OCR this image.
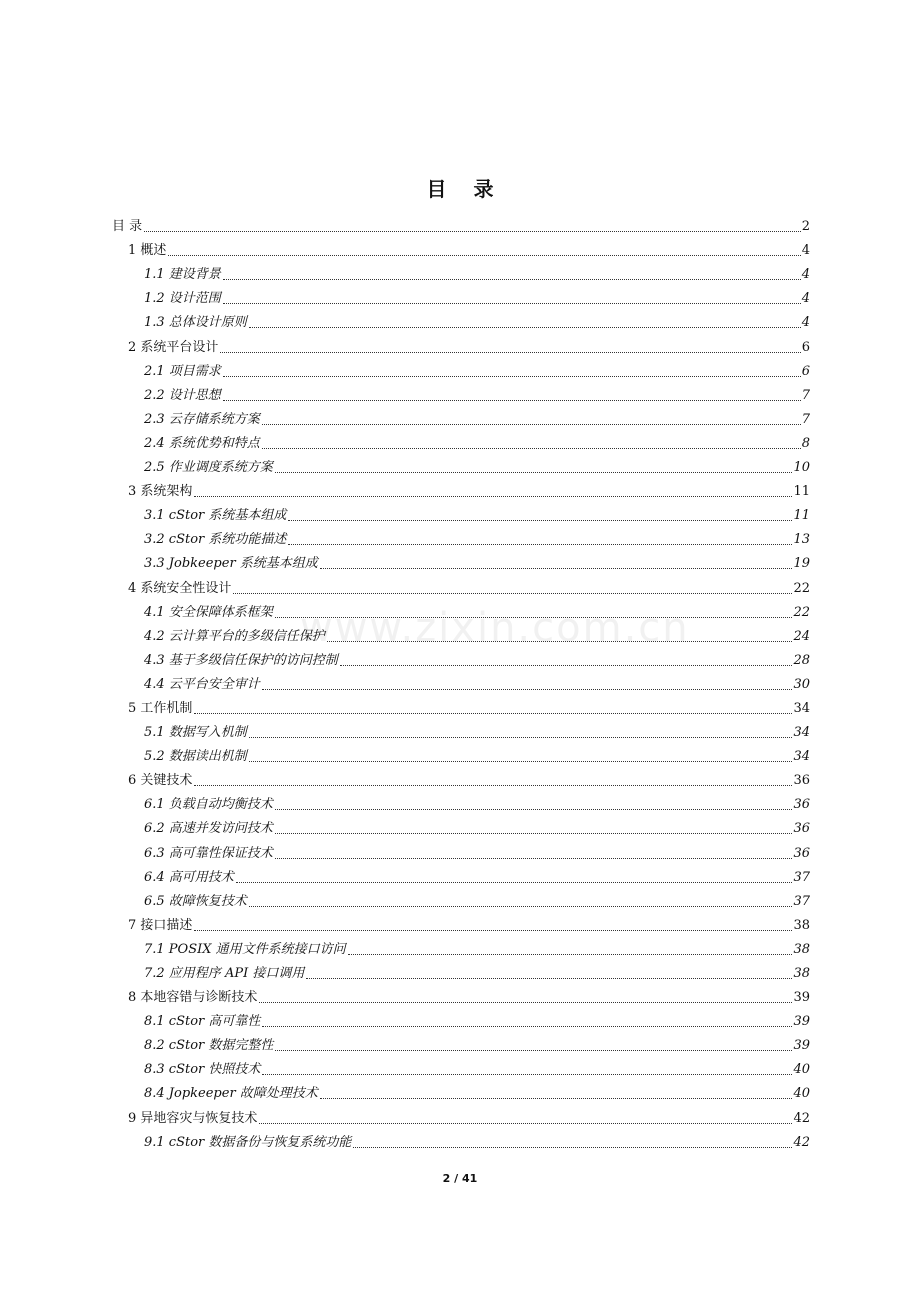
目 录
www.zixin.com.cn
目 录	2
1 概述	4
1.1 建设背景	4
1.2 设计范围	4
1.3 总体设计原则	4
2 系统平台设计	6
2.1 项目需求	6
2.2 设计思想	7
2.3 云存储系统方案	7
2.4 系统优势和特点	8
2.5 作业调度系统方案	10
3 系统架构	11
3.1 cStor 系统基本组成	11
3.2 cStor 系统功能描述	13
3.3 Jobkeeper 系统基本组成	19
4 系统安全性设计	22
4.1 安全保障体系框架	22
4.2 云计算平台的多级信任保护	24
4.3 基于多级信任保护的访问控制	28
4.4 云平台安全审计	30
5 工作机制	34
5.1 数据写入机制	34
5.2 数据读出机制	34
6 关键技术	36
6.1 负载自动均衡技术	36
6.2 高速并发访问技术	36
6.3 高可靠性保证技术	36
6.4 高可用技术	37
6.5 故障恢复技术	37
7 接口描述	38
7.1 POSIX 通用文件系统接口访问	38
7.2 应用程序 API 接口调用	38
8 本地容错与诊断技术	39
8.1 cStor 高可靠性	39
8.2 cStor 数据完整性	39
8.3 cStor 快照技术	40
8.4 Jopkeeper 故障处理技术	40
9 异地容灾与恢复技术	42
9.1 cStor 数据备份与恢复系统功能	42
2 / 41
